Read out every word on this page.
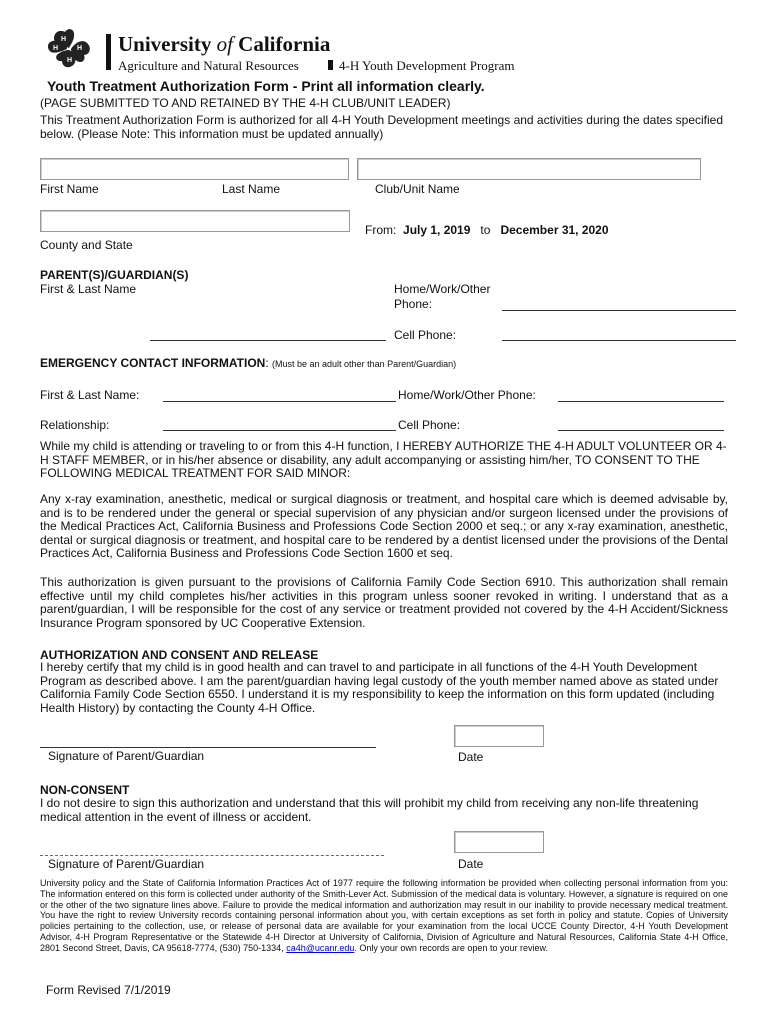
H
H
H
H	University of California
Agriculture and Natural Resources	4-H Youth Development Program
Youth Treatment Authorization Form - Print all information clearly.
(PAGE SUBMITTED TO AND RETAINED BY THE 4-H CLUB/UNIT LEADER)
This Treatment Authorization Form is authorized for all 4-H Youth Development meetings and activities during the dates specified below. (Please Note: This information must be updated annually)
First Name	Last Name	Club/Unit Name
County and State
From: July 1, 2019 to December 31, 2020
PARENT(S)/GUARDIAN(S)
First & Last Name	Home/Work/Other
Phone:
Cell Phone:
EMERGENCY CONTACT INFORMATION: (Must be an adult other than Parent/Guardian)
First & Last Name:	Home/Work/Other Phone:
Relationship:	Cell Phone:
While my child is attending or traveling to or from this 4-H function, I HEREBY AUTHORIZE THE 4-H ADULT VOLUNTEER OR 4-H STAFF MEMBER, or in his/her absence or disability, any adult accompanying or assisting him/her, TO CONSENT TO THE FOLLOWING MEDICAL TREATMENT FOR SAID MINOR:
Any x-ray examination, anesthetic, medical or surgical diagnosis or treatment, and hospital care which is deemed advisable by, and is to be rendered under the general or special supervision of any physician and/or surgeon licensed under the provisions of the Medical Practices Act, California Business and Professions Code Section 2000 et seq.; or any x-ray examination, anesthetic, dental or surgical diagnosis or treatment, and hospital care to be rendered by a dentist licensed under the provisions of the Dental Practices Act, California Business and Professions Code Section 1600 et seq.
This authorization is given pursuant to the provisions of California Family Code Section 6910. This authorization shall remain effective until my child completes his/her activities in this program unless sooner revoked in writing. I understand that as a parent/guardian, I will be responsible for the cost of any service or treatment provided not covered by the 4-H Accident/Sickness Insurance Program sponsored by UC Cooperative Extension.
AUTHORIZATION AND CONSENT AND RELEASE
I hereby certify that my child is in good health and can travel to and participate in all functions of the 4-H Youth Development Program as described above. I am the parent/guardian having legal custody of the youth member named above as stated under California Family Code Section 6550. I understand it is my responsibility to keep the information on this form updated (including Health History) by contacting the County 4-H Office.
Signature of Parent/Guardian	Date
NON-CONSENT
I do not desire to sign this authorization and understand that this will prohibit my child from receiving any non-life threatening medical attention in the event of illness or accident.
Signature of Parent/Guardian	Date
University policy and the State of California Information Practices Act of 1977 require the following information be provided when collecting personal information from you: The information entered on this form is collected under authority of the Smith-Lever Act. Submission of the medical data is voluntary. However, a signature is required on one or the other of the two signature lines above. Failure to provide the medical information and authorization may result in our inability to provide necessary medical treatment. You have the right to review University records containing personal information about you, with certain exceptions as set forth in policy and statute. Copies of University policies pertaining to the collection, use, or release of personal data are available for your examination from the local UCCE County Director, 4-H Youth Development Advisor, 4-H Program Representative or the Statewide 4-H Director at University of California, Division of Agriculture and Natural Resources, California State 4-H Office, 2801 Second Street, Davis, CA 95618-7774, (530) 750-1334, ca4h@ucanr.edu. Only your own records are open to your review.
Form Revised 7/1/2019
